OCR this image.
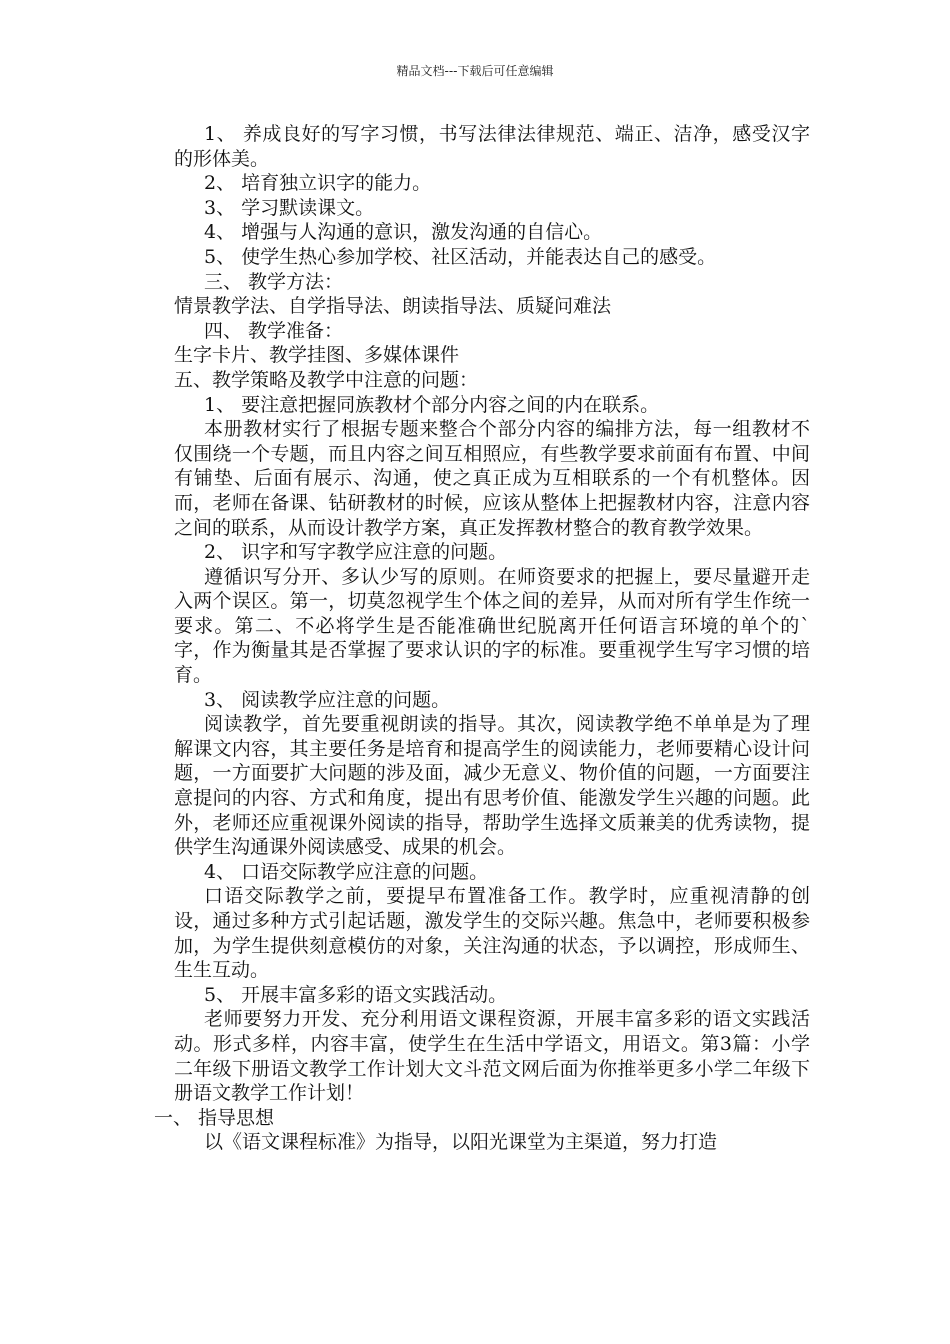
精品文档---下载后可任意编辑

1、 养成良好的写字习惯，书写法律法律规范、端正、洁净，感受汉字的形体美。

2、 培育独立识字的能力。

3、 学习默读课文。

4、 增强与人沟通的意识，激发沟通的自信心。

5、 使学生热心参加学校、社区活动，并能表达自己的感受。

三、 教学方法：

情景教学法、自学指导法、朗读指导法、质疑问难法

四、 教学准备：

生字卡片、教学挂图、多媒体课件

五、教学策略及教学中注意的问题：

1、 要注意把握同族教材个部分内容之间的内在联系。

本册教材实行了根据专题来整合个部分内容的编排方法，每一组教材不仅围绕一个专题，而且内容之间互相照应，有些教学要求前面有布置、中间有铺垫、后面有展示、沟通，使之真正成为互相联系的一个有机整体。因而，老师在备课、钻研教材的时候，应该从整体上把握教材内容，注意内容之间的联系，从而设计教学方案，真正发挥教材整合的教育教学效果。

2、 识字和写字教学应注意的问题。

遵循识写分开、多认少写的原则。在师资要求的把握上，要尽量避开走入两个误区。第一，切莫忽视学生个体之间的差异，从而对所有学生作统一要求。第二、不必将学生是否能准确世纪脱离开任何语言环境的单个的`字，作为衡量其是否掌握了要求认识的字的标准。要重视学生写字习惯的培育。

3、 阅读教学应注意的问题。

阅读教学，首先要重视朗读的指导。其次，阅读教学绝不单单是为了理解课文内容，其主要任务是培育和提高学生的阅读能力，老师要精心设计问题，一方面要扩大问题的涉及面，减少无意义、物价值的问题，一方面要注意提问的内容、方式和角度，提出有思考价值、能激发学生兴趣的问题。此外，老师还应重视课外阅读的指导，帮助学生选择文质兼美的优秀读物，提供学生沟通课外阅读感受、成果的机会。

4、 口语交际教学应注意的问题。

口语交际教学之前，要提早布置准备工作。教学时，应重视清静的创设，通过多种方式引起话题，激发学生的交际兴趣。焦急中，老师要积极参加，为学生提供刻意模仿的对象，关注沟通的状态，予以调控，形成师生、生生互动。

5、 开展丰富多彩的语文实践活动。

老师要努力开发、充分利用语文课程资源，开展丰富多彩的语文实践活动。形式多样，内容丰富，使学生在生活中学语文，用语文。第3篇：小学二年级下册语文教学工作计划大文斗范文网后面为你推举更多小学二年级下册语文教学工作计划！

一、 指导思想

以《语文课程标准》为指导，以阳光课堂为主渠道，努力打造
